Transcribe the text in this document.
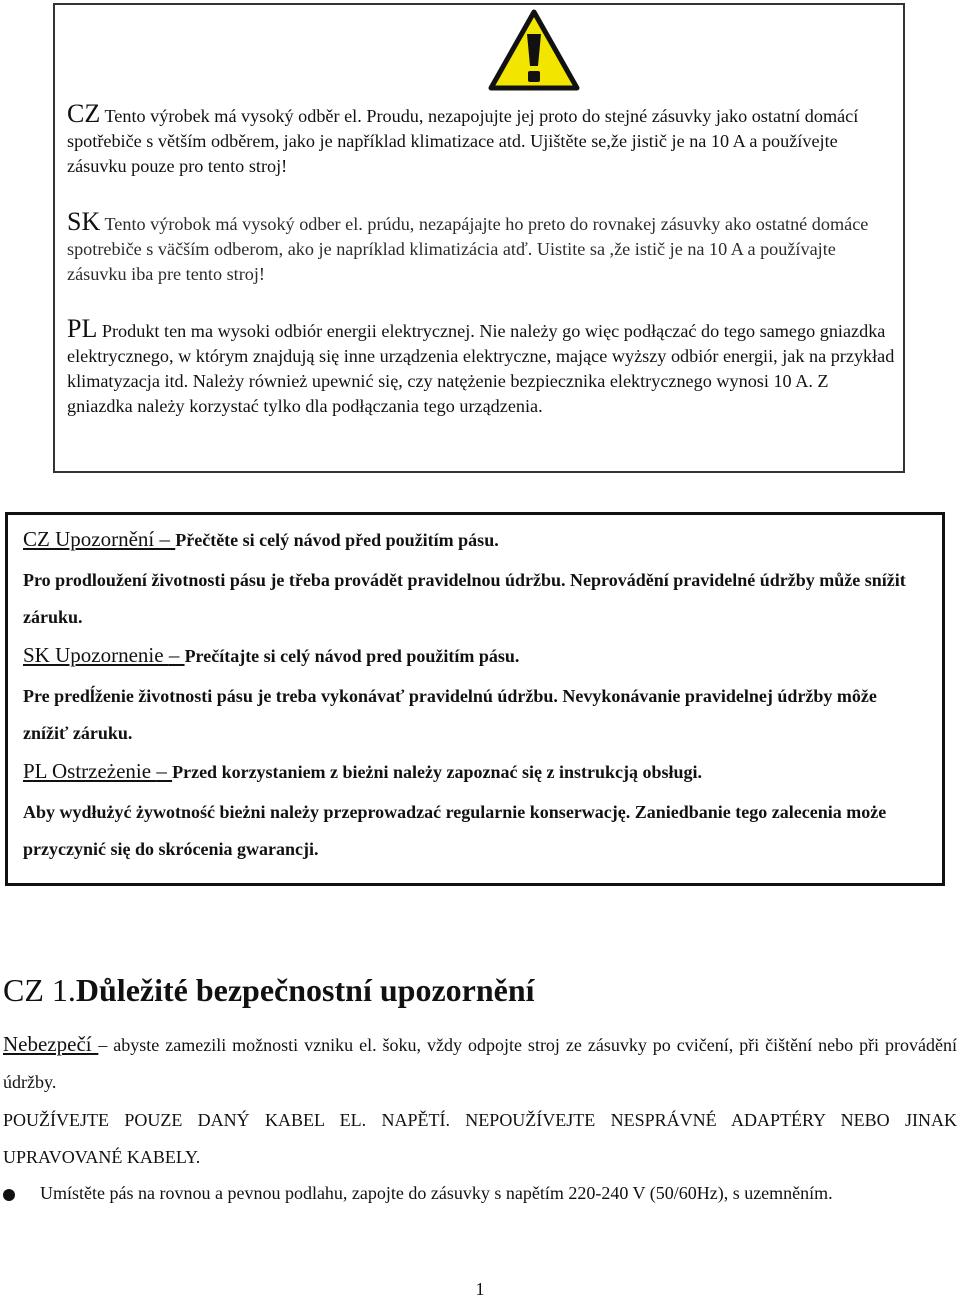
CZ Tento výrobek má vysoký odběr el. Proudu, nezapojujte jej proto do stejné zásuvky jako ostatní domácí spotřebiče s větším odběrem, jako je například klimatizace atd. Ujištěte se,že jistič je na 10 A a používejte zásuvku pouze pro tento stroj!
SK Tento výrobok má vysoký odber el. prúdu, nezapájajte ho preto do rovnakej zásuvky ako ostatné domáce spotrebiče s väčším odberom, ako je napríklad klimatizácia atď. Uistite sa ,že istič je na 10 A a používajte zásuvku iba pre tento stroj!
PL Produkt ten ma wysoki odbiór energii elektrycznej. Nie należy go więc podłączać do tego samego gniazdka elektrycznego, w którym znajdują się inne urządzenia elektryczne, mające wyższy odbiór energii, jak na przykład klimatyzacja itd. Należy również upewnić się, czy natężenie bezpiecznika elektrycznego wynosi 10 A. Z gniazdka należy korzystać tylko dla podłączania tego urządzenia.
CZ Upozornění – Přečtěte si celý návod před použitím pásu.
Pro prodloužení životnosti pásu je třeba provádět pravidelnou údržbu. Neprovádění pravidelné údržby může snížit záruku.
SK Upozornenie – Prečítajte si celý návod pred použitím pásu.
Pre predĺženie životnosti pásu je treba vykonávať pravidelnú údržbu. Nevykonávanie pravidelnej údržby môže znížiť záruku.
PL Ostrzeżenie – Przed korzystaniem z bieżni należy zapoznać się z instrukcją obsługi.
Aby wydłużyć żywotność bieżni należy przeprowadzać regularnie konserwację. Zaniedbanie tego zalecenia może przyczynić się do skrócenia gwarancji.
CZ 1.Důležité bezpečnostní upozornění
Nebezpečí – abyste zamezili možnosti vzniku el. šoku, vždy odpojte stroj ze zásuvky po cvičení, při čištění nebo při provádění údržby.
POUŽÍVEJTE POUZE DANÝ KABEL EL. NAPĚTÍ. NEPOUŽÍVEJTE NESPRÁVNÉ ADAPTÉRY NEBO JINAK UPRAVOVANÉ KABELY.
Umístěte pás na rovnou a pevnou podlahu, zapojte do zásuvky s napětím 220-240 V (50/60Hz), s uzemněním.
1
